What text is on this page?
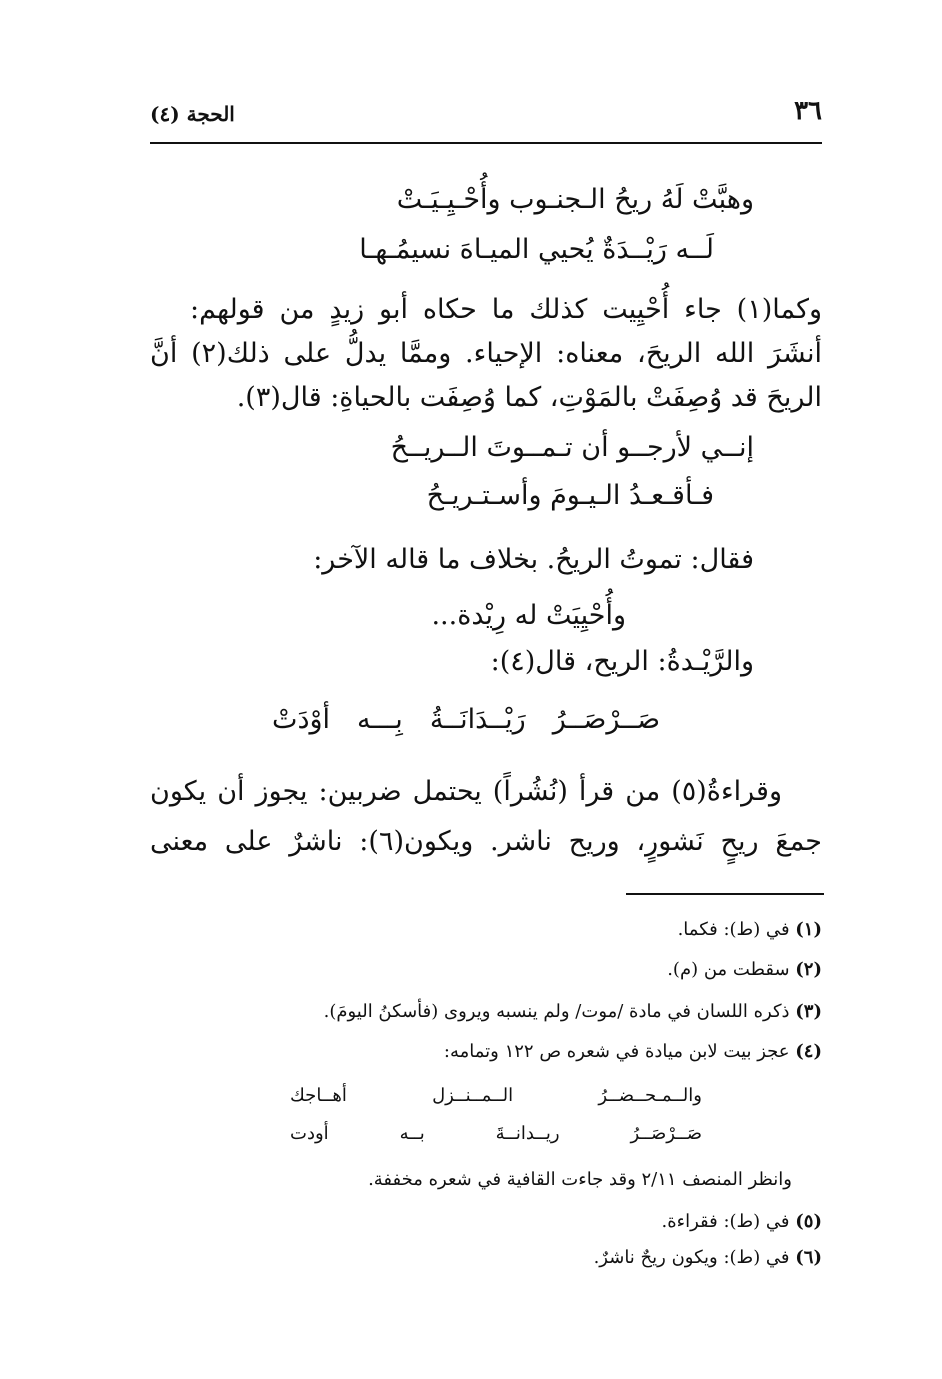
٣٦
الحجة (٤)
وهبَّتْ لَهُ ريحُ الـجنـوب وأُحْـيِـيَـتْ
لَــه رَيْــدَةٌ يُحيي الميـاهَ نسيمُـهـا
وكما(١) جاء أُحْيِيت كذلك ما حكاه أبو زيدٍ من قولهم:
أنشَرَ الله الريحَ، معناه: الإحياء. وممَّا يدلُّ على ذلك(٢) أنَّ
الريحَ قد وُصِفَتْ بالمَوْتِ، كما وُصِفَت بالحياةِ: قال(٣).
إنــي لأرجــو أن تـمــوتَ الــريــحُ
فـأقـعـدُ الـيـومَ وأسـتـريـحُ
فقال: تموتُ الريحُ. بخلاف ما قاله الآخر:
وأُحْيِيَتْ له رِيْدة...
والرَّيْـدةُ: الريح، قال(٤):
أوْدَتْ بِـــه رَيْــدَانَــةُ صَــرْصَــرُ
وقراءةُ(٥) من قرأ (نُشُراً) يحتمل ضربين: يجوز أن يكون
جمعَ ريحٍ نَشورٍ، وريح ناشر. ويكون(٦): ناشرٌ على معنى
(١) في (ط): فكما.
(٢) سقطت من (م).
(٣) ذكره اللسان في مادة /موت/ ولم ينسبه ويروى (فأسكنُ اليومَ).
(٤) عجز بيت لابن ميادة في شعره ص ١٢٢ وتمامه:
أهــاجك	الــمــنــزل	والــمـحــضــرُ
أودت	بــه	ريــدانــةَ	صَــرْصَــرُ
وانظر المنصف ٢/١١ وقد جاءت القافية في شعره مخففة.
(٥) في (ط): فقراءة.
(٦) في (ط): ويكون ريحٌ ناشرٌ.
